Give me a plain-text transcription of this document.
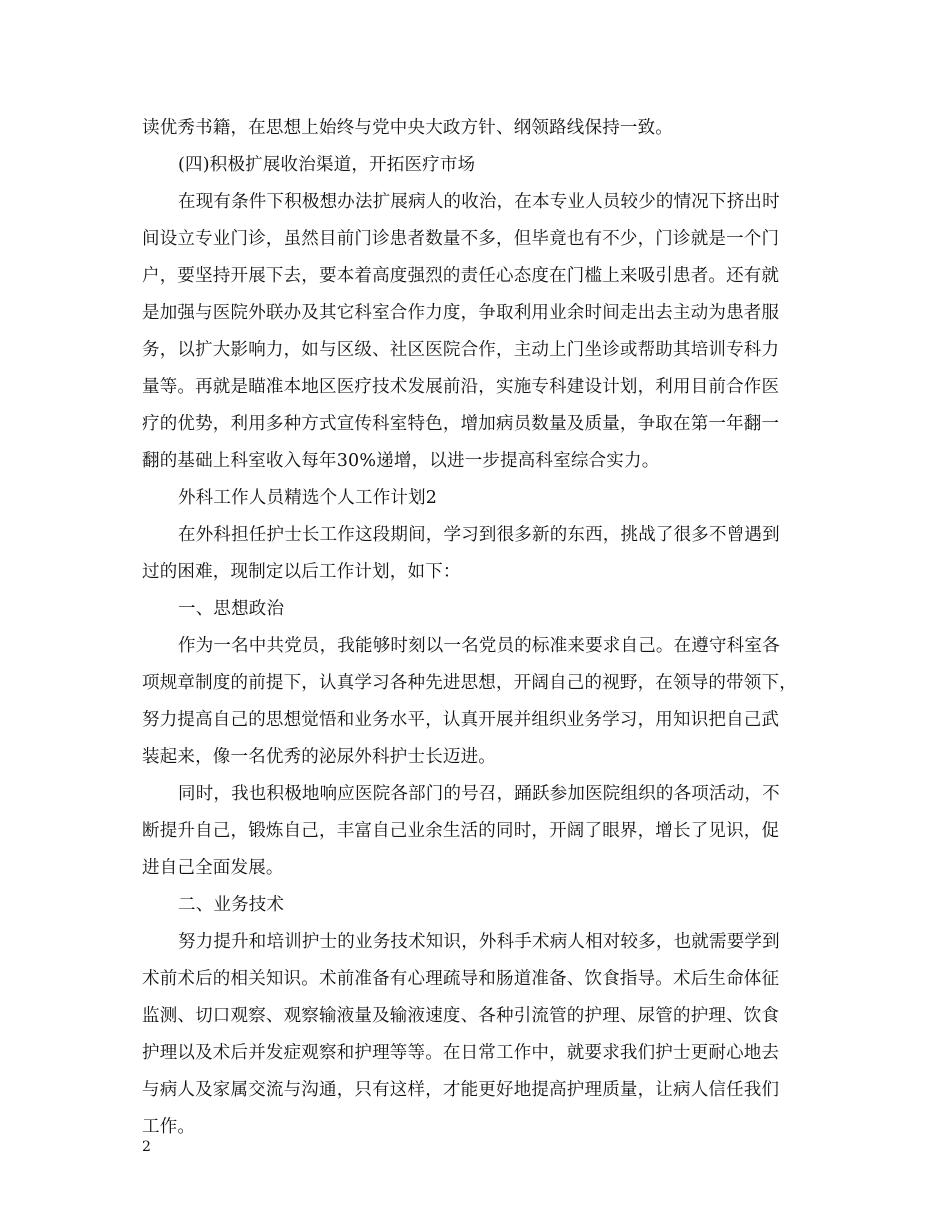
读优秀书籍，在思想上始终与党中央大政方针、纲领路线保持一致。
(四)积极扩展收治渠道，开拓医疗市场
在现有条件下积极想办法扩展病人的收治，在本专业人员较少的情况下挤出时
间设立专业门诊，虽然目前门诊患者数量不多，但毕竟也有不少，门诊就是一个门
户，要坚持开展下去，要本着高度强烈的责任心态度在门槛上来吸引患者。还有就
是加强与医院外联办及其它科室合作力度，争取利用业余时间走出去主动为患者服
务，以扩大影响力，如与区级、社区医院合作，主动上门坐诊或帮助其培训专科力
量等。再就是瞄准本地区医疗技术发展前沿，实施专科建设计划，利用目前合作医
疗的优势，利用多种方式宣传科室特色，增加病员数量及质量，争取在第一年翻一
翻的基础上科室收入每年30%递增，以进一步提高科室综合实力。
外科工作人员精选个人工作计划2
在外科担任护士长工作这段期间，学习到很多新的东西，挑战了很多不曾遇到
过的困难，现制定以后工作计划，如下：
一、思想政治
作为一名中共党员，我能够时刻以一名党员的标准来要求自己。在遵守科室各
项规章制度的前提下，认真学习各种先进思想，开阔自己的视野，在领导的带领下，
努力提高自己的思想觉悟和业务水平，认真开展并组织业务学习，用知识把自己武
装起来，像一名优秀的泌尿外科护士长迈进。
同时，我也积极地响应医院各部门的号召，踊跃参加医院组织的各项活动，不
断提升自己，锻炼自己，丰富自己业余生活的同时，开阔了眼界，增长了见识，促
进自己全面发展。
二、业务技术
努力提升和培训护士的业务技术知识，外科手术病人相对较多，也就需要学到
术前术后的相关知识。术前准备有心理疏导和肠道准备、饮食指导。术后生命体征
监测、切口观察、观察输液量及输液速度、各种引流管的护理、尿管的护理、饮食
护理以及术后并发症观察和护理等等。在日常工作中，就要求我们护士更耐心地去
与病人及家属交流与沟通，只有这样，才能更好地提高护理质量，让病人信任我们
工作。
2
